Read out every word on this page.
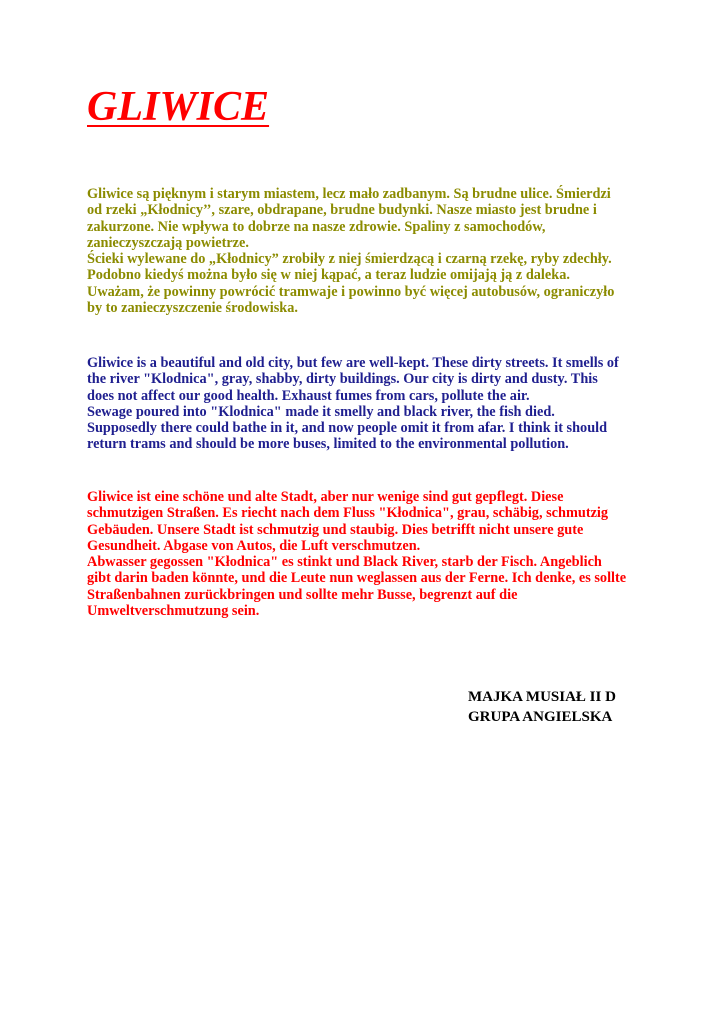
GLIWICE

Gliwice są pięknym i starym miastem, lecz mało zadbanym. Są brudne ulice. Śmierdzi
od rzeki „Kłodnicy’’, szare, obdrapane, brudne budynki. Nasze miasto jest brudne i
zakurzone. Nie wpływa to dobrze na nasze zdrowie. Spaliny z samochodów,
zanieczyszczają powietrze.
Ścieki wylewane do „Kłodnicy” zrobiły z niej śmierdzącą i czarną rzekę, ryby zdechły.
Podobno kiedyś można było się w niej kąpać, a teraz ludzie omijają ją z daleka.
Uważam, że powinny powrócić tramwaje i powinno być więcej autobusów, ograniczyło
by to zanieczyszczenie środowiska.

Gliwice is a beautiful and old city, but few are well-kept. These dirty streets. It smells of
the river "Klodnica", gray, shabby, dirty buildings. Our city is dirty and dusty. This
does not affect our good health. Exhaust fumes from cars, pollute the air.
Sewage poured into "Klodnica" made it smelly and black river, the fish died.
Supposedly there could bathe in it, and now people omit it from afar. I think it should
return trams and should be more buses, limited to the environmental pollution.

Gliwice ist eine schöne und alte Stadt, aber nur wenige sind gut gepflegt. Diese
schmutzigen Straßen. Es riecht nach dem Fluss "Kłodnica", grau, schäbig, schmutzig
Gebäuden. Unsere Stadt ist schmutzig und staubig. Dies betrifft nicht unsere gute
Gesundheit. Abgase von Autos, die Luft verschmutzen.
Abwasser gegossen "Kłodnica" es stinkt und Black River, starb der Fisch. Angeblich
gibt darin baden könnte, und die Leute nun weglassen aus der Ferne. Ich denke, es sollte
Straßenbahnen zurückbringen und sollte mehr Busse, begrenzt auf die
Umweltverschmutzung sein.

MAJKA MUSIAŁ II D
GRUPA ANGIELSKA
